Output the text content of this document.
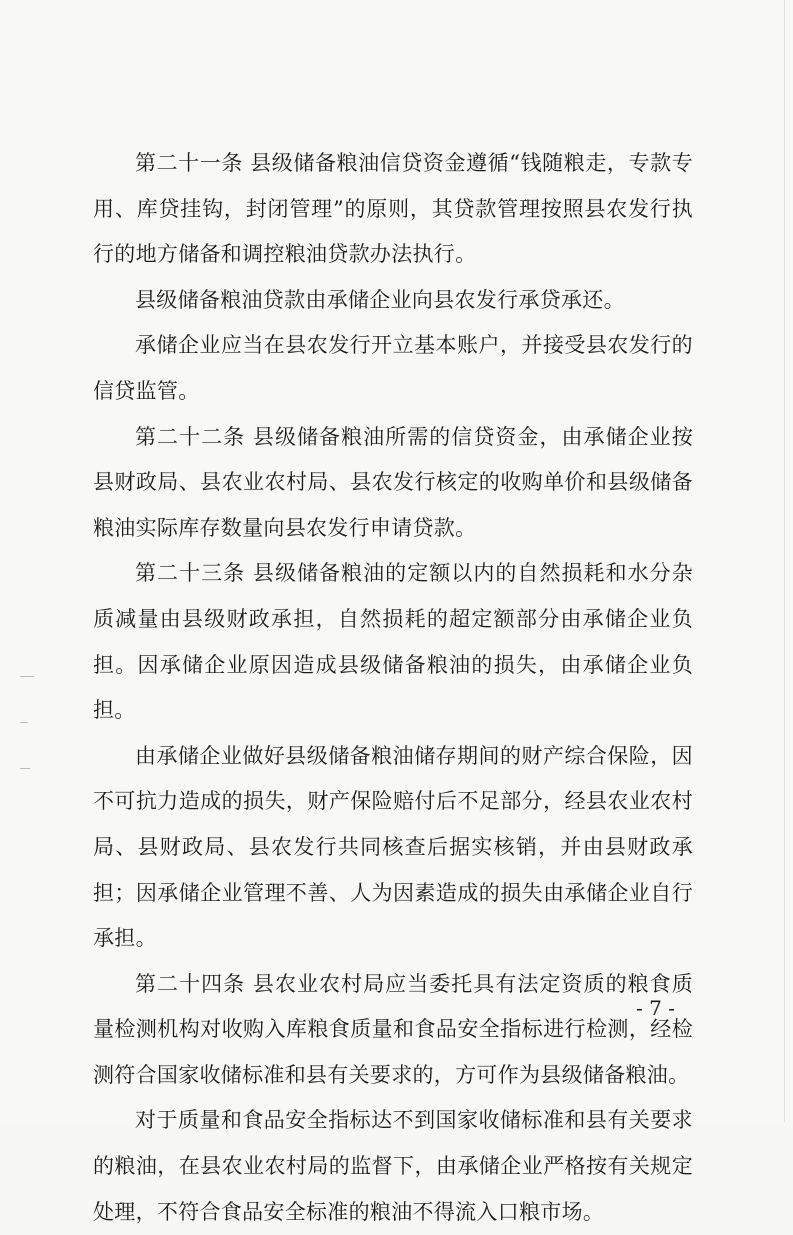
第二十一条 县级储备粮油信贷资金遵循“钱随粮走，专款专用、库贷挂钩，封闭管理”的原则，其贷款管理按照县农发行执行的地方储备和调控粮油贷款办法执行。

县级储备粮油贷款由承储企业向县农发行承贷承还。

承储企业应当在县农发行开立基本账户，并接受县农发行的信贷监管。

第二十二条 县级储备粮油所需的信贷资金，由承储企业按县财政局、县农业农村局、县农发行核定的收购单价和县级储备粮油实际库存数量向县农发行申请贷款。

第二十三条 县级储备粮油的定额以内的自然损耗和水分杂质减量由县级财政承担，自然损耗的超定额部分由承储企业负担。因承储企业原因造成县级储备粮油的损失，由承储企业负担。

由承储企业做好县级储备粮油储存期间的财产综合保险，因不可抗力造成的损失，财产保险赔付后不足部分，经县农业农村局、县财政局、县农发行共同核查后据实核销，并由县财政承担；因承储企业管理不善、人为因素造成的损失由承储企业自行承担。

第二十四条 县农业农村局应当委托具有法定资质的粮食质量检测机构对收购入库粮食质量和食品安全指标进行检测，经检测符合国家收储标准和县有关要求的，方可作为县级储备粮油。

对于质量和食品安全指标达不到国家收储标准和县有关要求的粮油，在县农业农村局的监督下，由承储企业严格按有关规定处理，不符合食品安全标准的粮油不得流入口粮市场。

- 7 -
